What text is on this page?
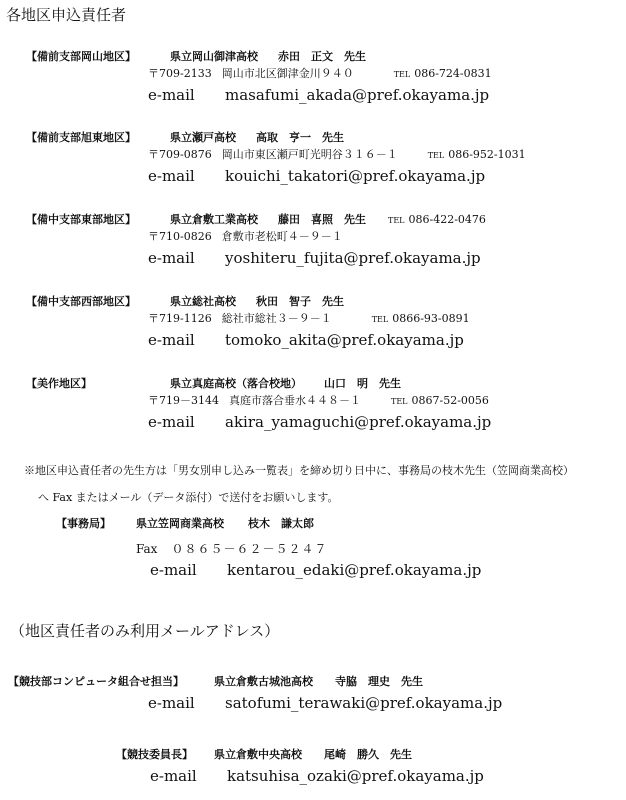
各地区申込責任者
【備前支部岡山地区】	県立岡山御津高校 赤田　正文　先生
〒709-2133 岡山市北区御津金川９４０	TEL 086-724-0831
e-mail masafumi_akada@pref.okayama.jp
【備前支部旭東地区】	県立瀬戸高校 高取　亨一　先生
〒709-0876 岡山市東区瀬戸町光明谷３１６－１	TEL 086-952-1031
e-mail kouichi_takatori@pref.okayama.jp
【備中支部東部地区】	県立倉敷工業高校 藤田　喜照　先生	TEL 086-422-0476
〒710-0826 倉敷市老松町４－９－１
e-mail yoshiteru_fujita@pref.okayama.jp
【備中支部西部地区】	県立総社高校 秋田　智子　先生
〒719-1126 総社市総社３－９－１	TEL 0866-93-0891
e-mail tomoko_akita@pref.okayama.jp
【美作地区】	県立真庭高校（落合校地） 山口　明　先生
〒719－3144 真庭市落合垂水４４８－１	TEL 0867-52-0056
e-mail akira_yamaguchi@pref.okayama.jp
※地区申込責任者の先生方は「男女別申し込み一覧表」を締め切り日中に、事務局の枝木先生（笠岡商業高校）
へ Fax またはメール（データ添付）で送付をお願いします。
【事務局】 県立笠岡商業高校 枝木　謙太郎
Fax ０８６５－６２－５２４７
e-mail kentarou_edaki@pref.okayama.jp
（地区責任者のみ利用メールアドレス）
【競技部コンピュータ組合せ担当】	県立倉敷古城池高校 寺脇　理史　先生
e-mail satofumi_terawaki@pref.okayama.jp
【競技委員長】 県立倉敷中央高校 尾崎　勝久　先生
e-mail katsuhisa_ozaki@pref.okayama.jp
